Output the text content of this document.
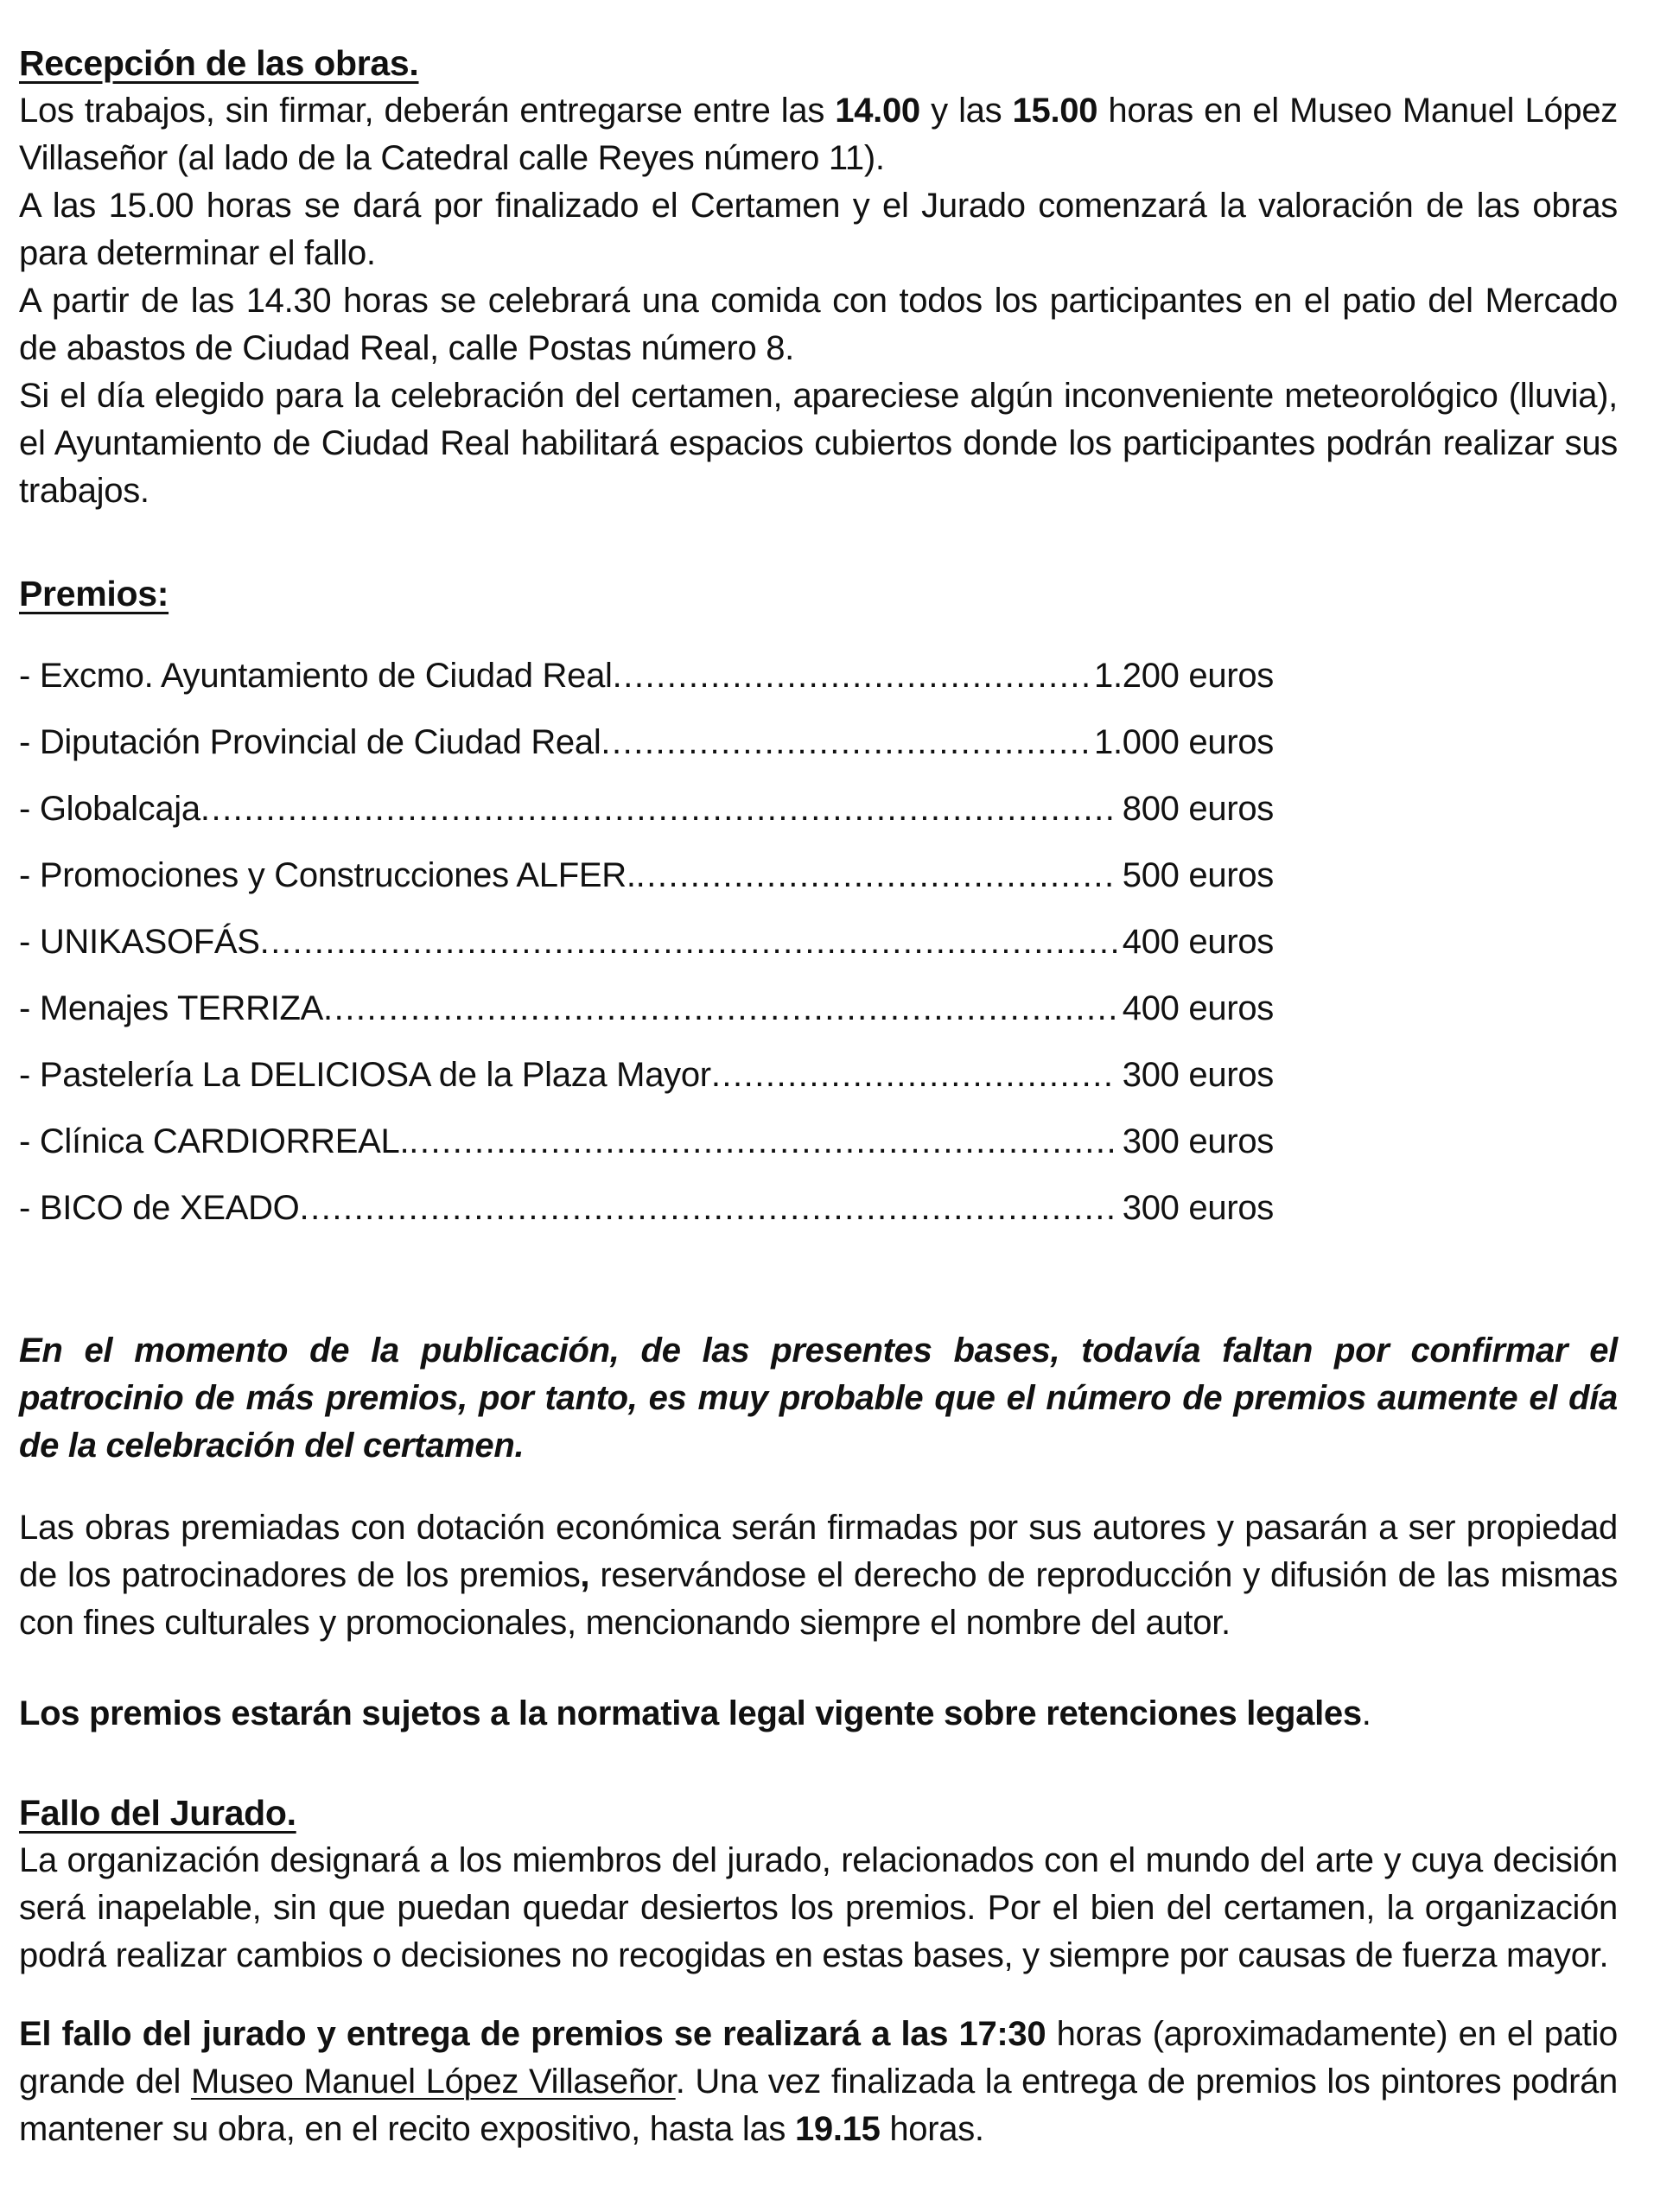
Recepción de las obras.

Los trabajos, sin firmar, deberán entregarse entre las 14.00 y las 15.00 horas en el Museo Manuel López Villaseñor (al lado de la Catedral calle Reyes número 11).

A las 15.00 horas se dará por finalizado el Certamen y el Jurado comenzará la valoración de las obras para determinar el fallo.

A partir de las 14.30 horas se celebrará una comida con todos los participantes en el patio del Mercado de abastos de Ciudad Real, calle Postas número 8.

Si el día elegido para la celebración del certamen, apareciese algún inconveniente meteorológico (lluvia), el Ayuntamiento de Ciudad Real habilitará espacios cubiertos donde los participantes podrán realizar sus trabajos.

Premios:
- Excmo. Ayuntamiento de Ciudad Real .....	1.200 euros
- Diputación Provincial de Ciudad Real .....	1.000 euros
- Globalcaja .....	800 euros
- Promociones y Construcciones ALFER. .....	500 euros
- UNIKASOFÁS .....	400 euros
- Menajes TERRIZA .....	400 euros
- Pastelería La DELICIOSA de la Plaza Mayor .....	300 euros
- Clínica CARDIORREAL. .....	300 euros
- BICO de XEADO .....	300 euros

En el momento de la publicación, de las presentes bases, todavía faltan por confirmar el patrocinio de más premios, por tanto, es muy probable que el número de premios aumente el día de la celebración del certamen.

Las obras premiadas con dotación económica serán firmadas por sus autores y pasarán a ser propiedad de los patrocinadores de los premios, reservándose el derecho de reproducción y difusión de las mismas con fines culturales y promocionales, mencionando siempre el nombre del autor.

Los premios estarán sujetos a la normativa legal vigente sobre retenciones legales.

Fallo del Jurado.

La organización designará a los miembros del jurado, relacionados con el mundo del arte y cuya decisión será inapelable, sin que puedan quedar desiertos los premios. Por el bien del certamen, la organización podrá realizar cambios o decisiones no recogidas en estas bases, y siempre por causas de fuerza mayor.

El fallo del jurado y entrega de premios se realizará a las 17:30 horas (aproximadamente) en el patio grande del Museo Manuel López Villaseñor. Una vez finalizada la entrega de premios los pintores podrán mantener su obra, en el recito expositivo, hasta las 19.15 horas.
